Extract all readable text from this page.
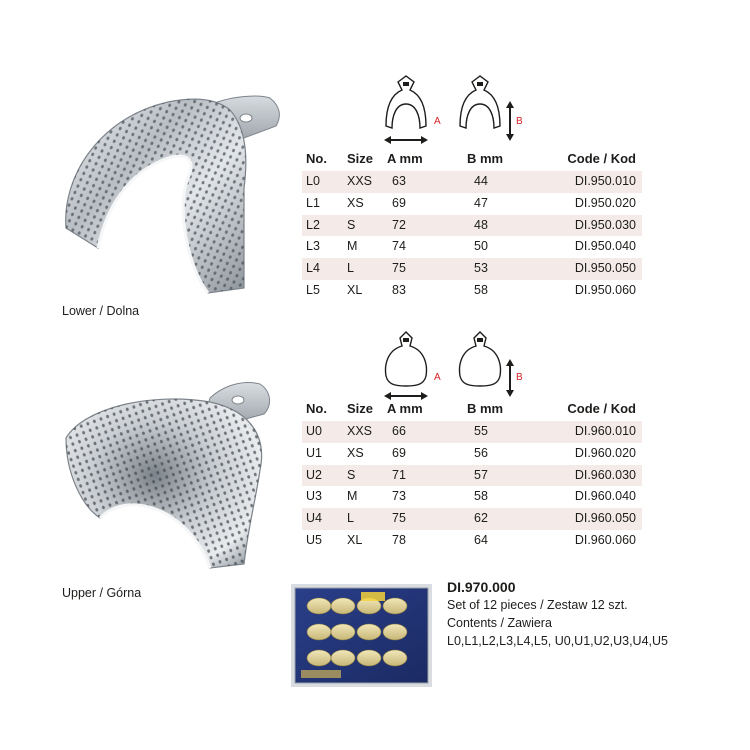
Lower / Dolna
A	B
No. Size A mm	B mm	Code / Kod
L0 XXS 63	44	DI.950.010
L1 XS 69	47	DI.950.020
L2 S	72	48	DI.950.030
L3 M	74	50	DI.950.040
L4 L	75	53	DI.950.050
L5 XL 83	58	DI.950.060
Upper / Górna
A	B
No. Size A mm	B mm	Code / Kod
U0 XXS 66	55	DI.960.010
U1 XS 69	56	DI.960.020
U2 S	71	57	DI.960.030
U3 M	73	58	DI.960.040
U4 L	75	62	DI.960.050
U5 XL 78	64	DI.960.060
DI.970.000
Set of 12 pieces / Zestaw 12 szt.
Contents / Zawiera
L0,L1,L2,L3,L4,L5, U0,U1,U2,U3,U4,U5
